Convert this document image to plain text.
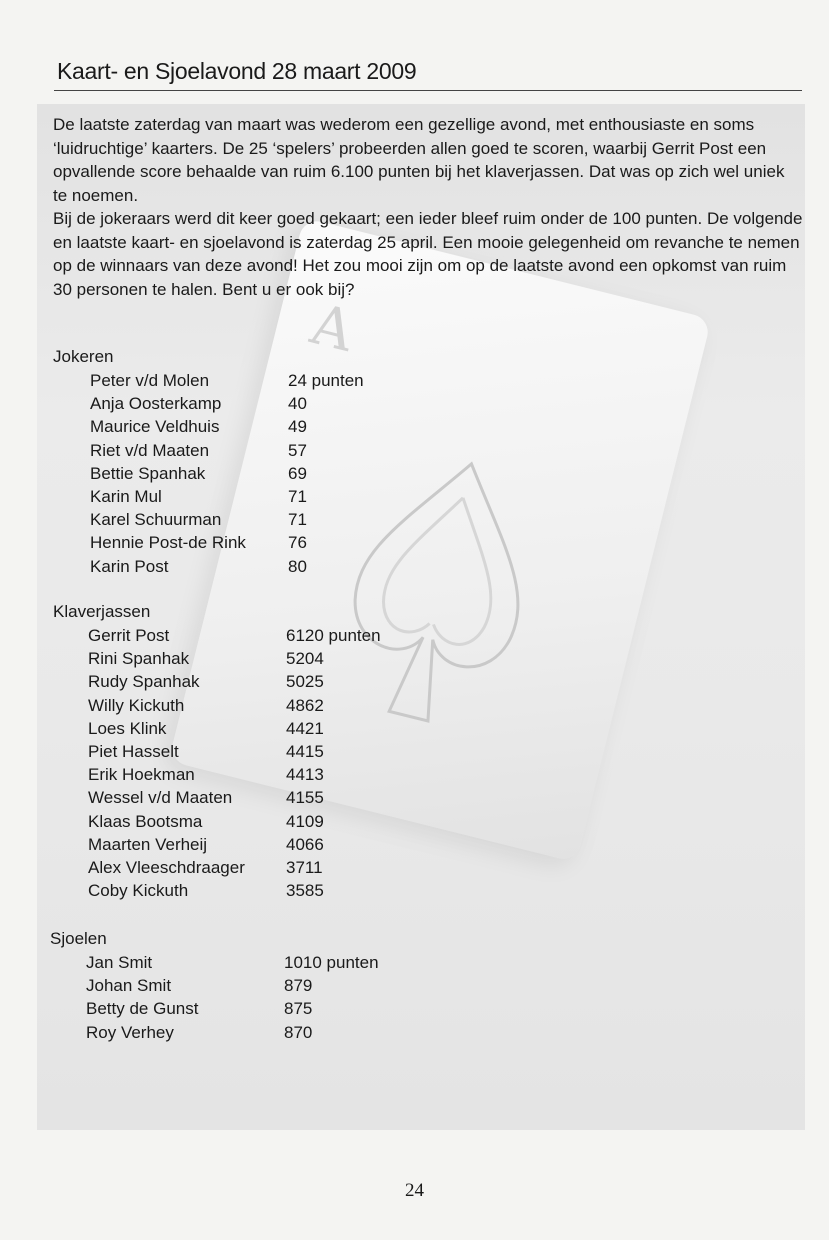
Kaart- en Sjoelavond 28 maart 2009
A

De laatste zaterdag van maart was wederom een gezellige avond, met enthousiaste en soms ‘luidruchtige’ kaarters. De 25 ‘spelers’ probeerden allen goed te scoren, waarbij Gerrit Post een opvallende score behaalde van ruim 6.100 punten bij het klaverjassen. Dat was op zich wel uniek te noemen.

Bij de jokeraars werd dit keer goed gekaart; een ieder bleef ruim onder de 100 punten. De volgende en laatste kaart- en sjoelavond is zaterdag 25 april. Een mooie gelegenheid om revanche te nemen op de winnaars van deze avond! Het zou mooi zijn om op de laatste avond een opkomst van ruim 30 personen te halen. Bent u er ook bij?

Jokeren
Peter v/d Molen	24 punten
Anja Oosterkamp	40
Maurice Veldhuis	49
Riet v/d Maaten	57
Bettie Spanhak	69
Karin Mul	71
Karel Schuurman	71
Hennie Post-de Rink 76
Karin Post	80
Klaverjassen
Gerrit Post	6120 punten
Rini Spanhak	5204
Rudy Spanhak	5025
Willy Kickuth	4862
Loes Klink	4421
Piet Hasselt	4415
Erik Hoekman	4413
Wessel v/d Maaten	4155
Klaas Bootsma	4109
Maarten Verheij	4066
Alex Vleeschdraager 3711
Coby Kickuth	3585
Sjoelen
Jan Smit	1010 punten
Johan Smit	879
Betty de Gunst	875
Roy Verhey	870
24
